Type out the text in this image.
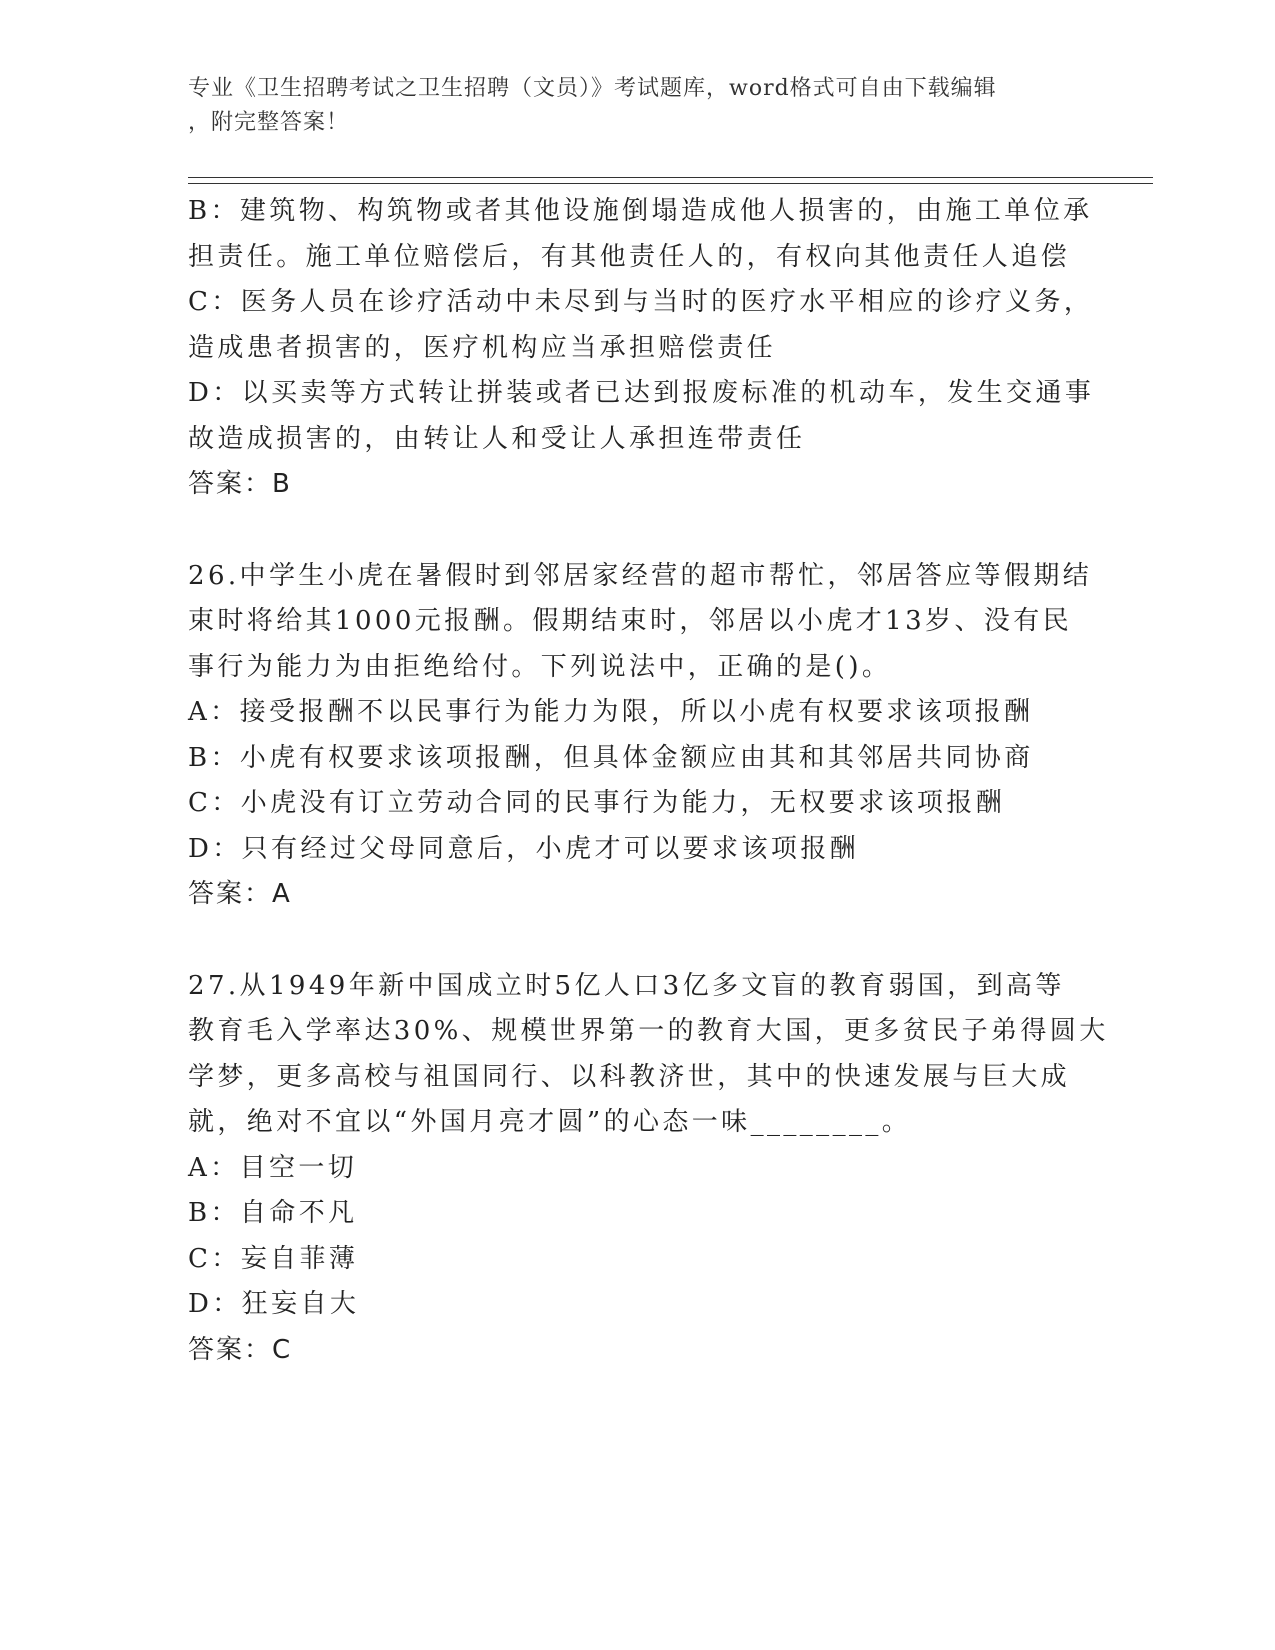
专业《卫生招聘考试之卫生招聘（文员）》考试题库，word格式可自由下载编辑
，附完整答案！
B：建筑物、构筑物或者其他设施倒塌造成他人损害的，由施工单位承
担责任。施工单位赔偿后，有其他责任人的，有权向其他责任人追偿
C：医务人员在诊疗活动中未尽到与当时的医疗水平相应的诊疗义务，
造成患者损害的，医疗机构应当承担赔偿责任
D：以买卖等方式转让拼装或者已达到报废标准的机动车，发生交通事
故造成损害的，由转让人和受让人承担连带责任
答案：B
26.中学生小虎在暑假时到邻居家经营的超市帮忙，邻居答应等假期结
束时将给其1000元报酬。假期结束时，邻居以小虎才13岁、没有民
事行为能力为由拒绝给付。下列说法中，正确的是()。
A：接受报酬不以民事行为能力为限，所以小虎有权要求该项报酬
B：小虎有权要求该项报酬，但具体金额应由其和其邻居共同协商
C：小虎没有订立劳动合同的民事行为能力，无权要求该项报酬
D：只有经过父母同意后，小虎才可以要求该项报酬
答案：A
27.从1949年新中国成立时5亿人口3亿多文盲的教育弱国，到高等
教育毛入学率达30%、规模世界第一的教育大国，更多贫民子弟得圆大
学梦，更多高校与祖国同行、以科教济世，其中的快速发展与巨大成
就，绝对不宜以“外国月亮才圆”的心态一味________。
A：目空一切
B：自命不凡
C：妄自菲薄
D：狂妄自大
答案：C
